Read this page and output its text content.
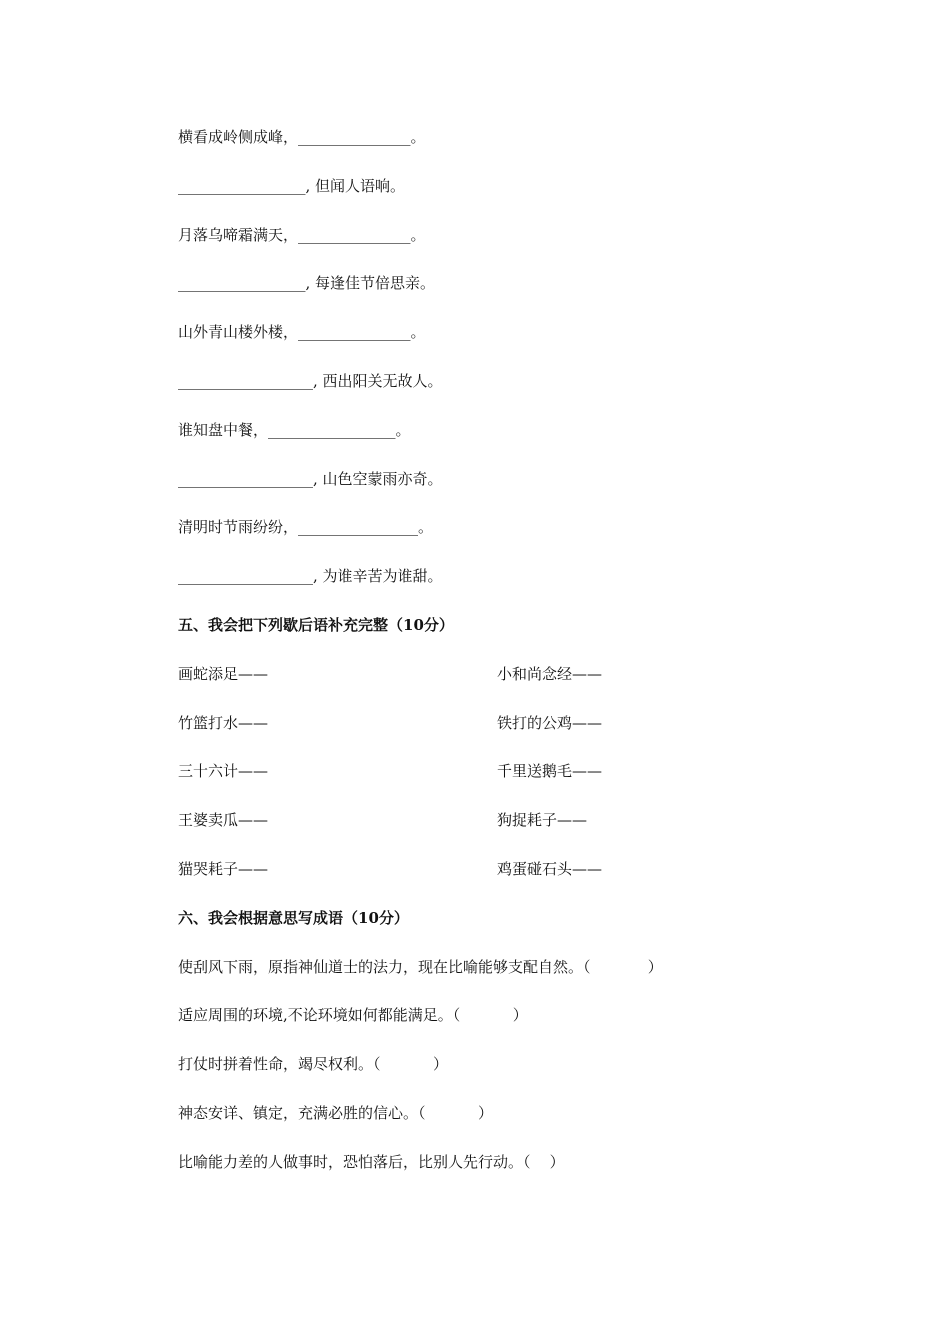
横看成岭侧成峰，_______________。
_________________, 但闻人语响。
月落乌啼霜满天，_______________。
_________________, 每逢佳节倍思亲。
山外青山楼外楼，_______________。
__________________, 西出阳关无故人。
谁知盘中餐，_________________。
__________________, 山色空蒙雨亦奇。
清明时节雨纷纷，________________。
__________________, 为谁辛苦为谁甜。
五、我会把下列歇后语补充完整（10分）
画蛇添足——	小和尚念经——
竹篮打水——	铁打的公鸡——
三十六计——	千里送鹅毛——
王婆卖瓜——	狗捉耗子——
猫哭耗子——	鸡蛋碰石头——
六、我会根据意思写成语（10分）
使刮风下雨，原指神仙道士的法力，现在比喻能够支配自然。（            ）
适应周围的环境,不论环境如何都能满足。（           ）
打仗时拼着性命，竭尽权利。（           ）
神态安详、镇定，充满必胜的信心。（           ）
比喻能力差的人做事时，恐怕落后，比别人先行动。（    ）
